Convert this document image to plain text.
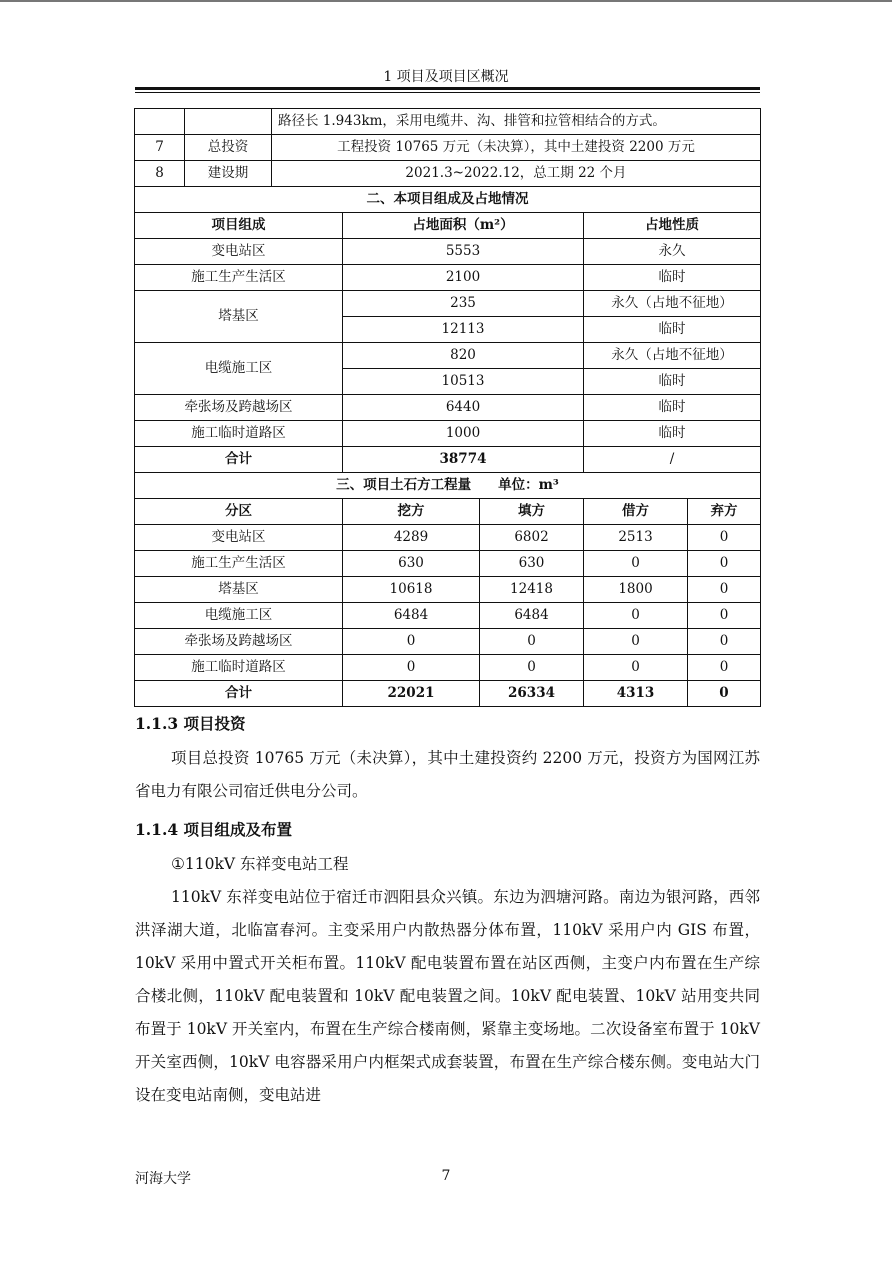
1 项目及项目区概况
		路径长 1.943km，采用电缆井、沟、排管和拉管相结合的方式。				
7	总投资	工程投资 10765 万元（未决算），其中土建投资 2200 万元				
8	建设期	2021.3~2022.12，总工期 22 个月				
二、本项目组成及占地情况						
项目组成			占地面积（m²）		占地性质	
变电站区			5553		永久	
施工生产生活区			2100		临时	
塔基区			235		永久（占地不征地）	
			12113		临时	
电缆施工区			820		永久（占地不征地）	
			10513		临时	
牵张场及跨越场区			6440		临时	
施工临时道路区			1000		临时	
合计			38774		/	
三、项目土石方工程量　　单位：m³						
分区			挖方	填方	借方	弃方
变电站区			4289	6802	2513	0
施工生产生活区			630	630	0	0
塔基区			10618	12418	1800	0
电缆施工区			6484	6484	0	0
牵张场及跨越场区			0	0	0	0
施工临时道路区			0	0	0	0
合计			22021	26334	4313	0
1.1.3 项目投资

项目总投资 10765 万元（未决算），其中土建投资约 2200 万元，投资方为国网江苏省电力有限公司宿迁供电分公司。

1.1.4 项目组成及布置

①110kV 东祥变电站工程

110kV 东祥变电站位于宿迁市泗阳县众兴镇。东边为泗塘河路。南边为银河路，西邻洪泽湖大道，北临富春河。主变采用户内散热器分体布置，110kV 采用户内 GIS 布置，10kV 采用中置式开关柜布置。110kV 配电装置布置在站区西侧，主变户内布置在生产综合楼北侧，110kV 配电装置和 10kV 配电装置之间。10kV 配电装置、10kV 站用变共同布置于 10kV 开关室内，布置在生产综合楼南侧，紧靠主变场地。二次设备室布置于 10kV 开关室西侧，10kV 电容器采用户内框架式成套装置，布置在生产综合楼东侧。变电站大门设在变电站南侧，变电站进

河海大学	7
